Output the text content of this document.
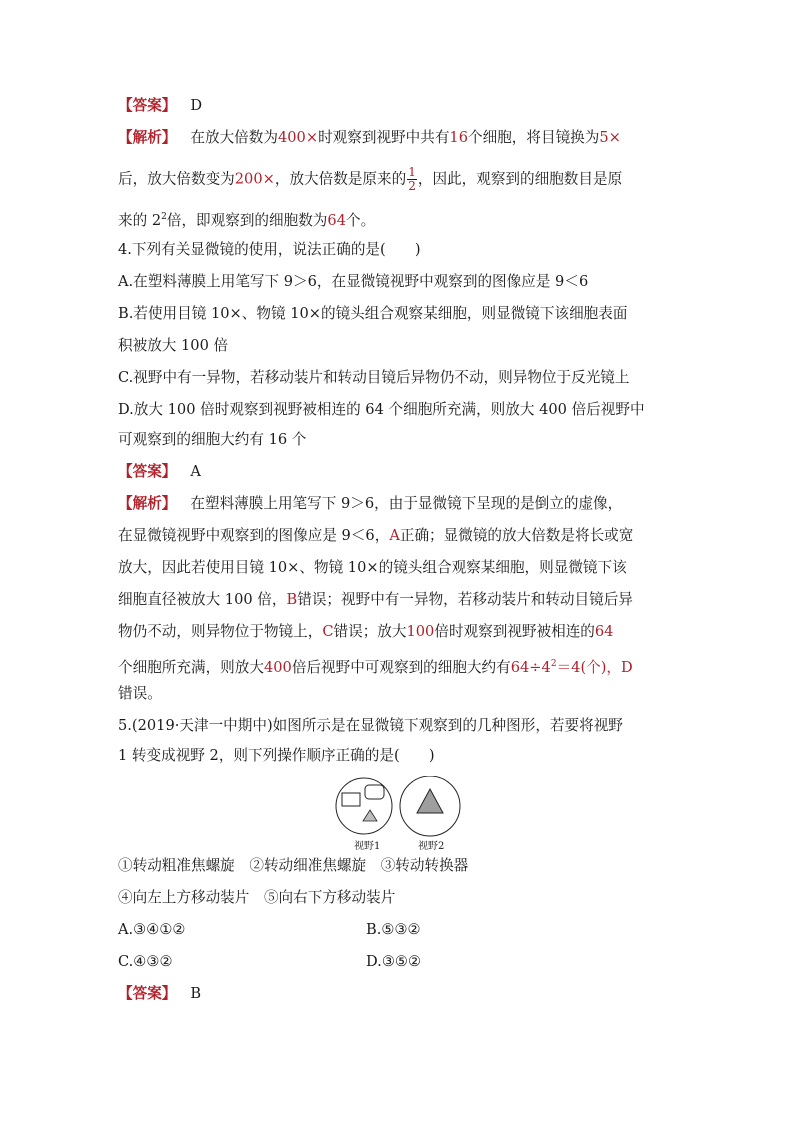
【答案】 D
【解析】 在放大倍数为400×时观察到视野中共有16个细胞，将目镜换为5×
后，放大倍数变为200×，放大倍数是原来的 $\frac{1}{2}$ ，因此，观察到的细胞数目是原
来的 $2^2$倍，即观察到的细胞数为64个。
4.下列有关显微镜的使用，说法正确的是(　　)
A.在塑料薄膜上用笔写下 9＞6，在显微镜视野中观察到的图像应是 9＜6
B.若使用目镜 10×、物镜 10×的镜头组合观察某细胞，则显微镜下该细胞表面
积被放大 100 倍
C.视野中有一异物，若移动装片和转动目镜后异物仍不动，则异物位于反光镜上
D.放大 100 倍时观察到视野被相连的 64 个细胞所充满，则放大 400 倍后视野中
可观察到的细胞大约有 16 个
【答案】 A
【解析】 在塑料薄膜上用笔写下 9＞6，由于显微镜下呈现的是倒立的虚像，
在显微镜视野中观察到的图像应是 9＜6，A正确；显微镜的放大倍数是将长或宽
放大，因此若使用目镜 10×、物镜 10×的镜头组合观察某细胞，则显微镜下该
细胞直径被放大 100 倍，B错误；视野中有一异物，若移动装片和转动目镜后异
物仍不动，则异物位于物镜上，C错误；放大100倍时观察到视野被相连的64
个细胞所充满，则放大400倍后视野中可观察到的细胞大约有$64\div 4^2=4$(个)，D
错误。
5.(2019·天津一中期中)如图所示是在显微镜下观察到的几种图形，若要将视野
1 转变成视野 2，则下列操作顺序正确的是(　　)
视野1	视野2
①转动粗准焦螺旋　②转动细准焦螺旋　③转动转换器
④向左上方移动装片　⑤向右下方移动装片
A.③④①②	B.⑤③②
C.④③②	D.③⑤②
【答案】 B
